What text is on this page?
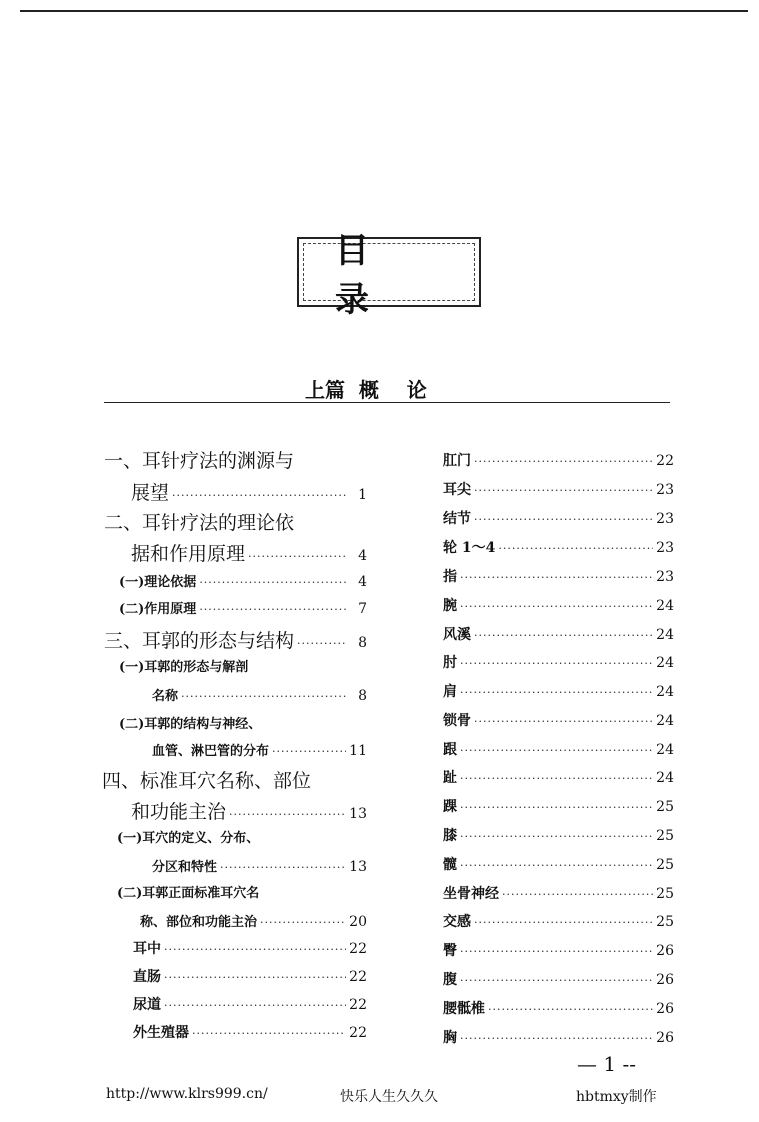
目 录
上篇  概    论
一、耳针疗法的渊源与
展望 ·····	1
二、耳针疗法的理论依
据和作用原理 ·····	4
(一)理论依据 ·····	4
(二)作用原理 ·····	7
三、耳郭的形态与结构 ·····	8
(一)耳郭的形态与解剖
名称 ·····	8
(二)耳郭的结构与神经、
血管、淋巴管的分布 ·····	11
四、标准耳穴名称、部位
和功能主治 ·····	13
(一)耳穴的定义、分布、
分区和特性 ·····	13
(二)耳郭正面标准耳穴名
称、部位和功能主治 ·····	20
耳中 ·····	22
直肠 ·····	22
尿道 ·····	22
外生殖器 ·····	22
肛门 ·····	22
耳尖 ·····	23
结节 ·····	23
轮 1～4 ·····	23
指 ·····	23
腕 ·····	24
风溪 ·····	24
肘 ·····	24
肩 ·····	24
锁骨 ·····	24
跟 ·····	24
趾 ·····	24
踝 ·····	25
膝 ·····	25
髋 ·····	25
坐骨神经 ·····	25
交感 ·····	25
臀 ·····	26
腹 ·····	26
腰骶椎 ·····	26
胸 ·····	26
— 1 --
http://www.klrs999.cn/	快乐人生久久久	hbtmxy制作
